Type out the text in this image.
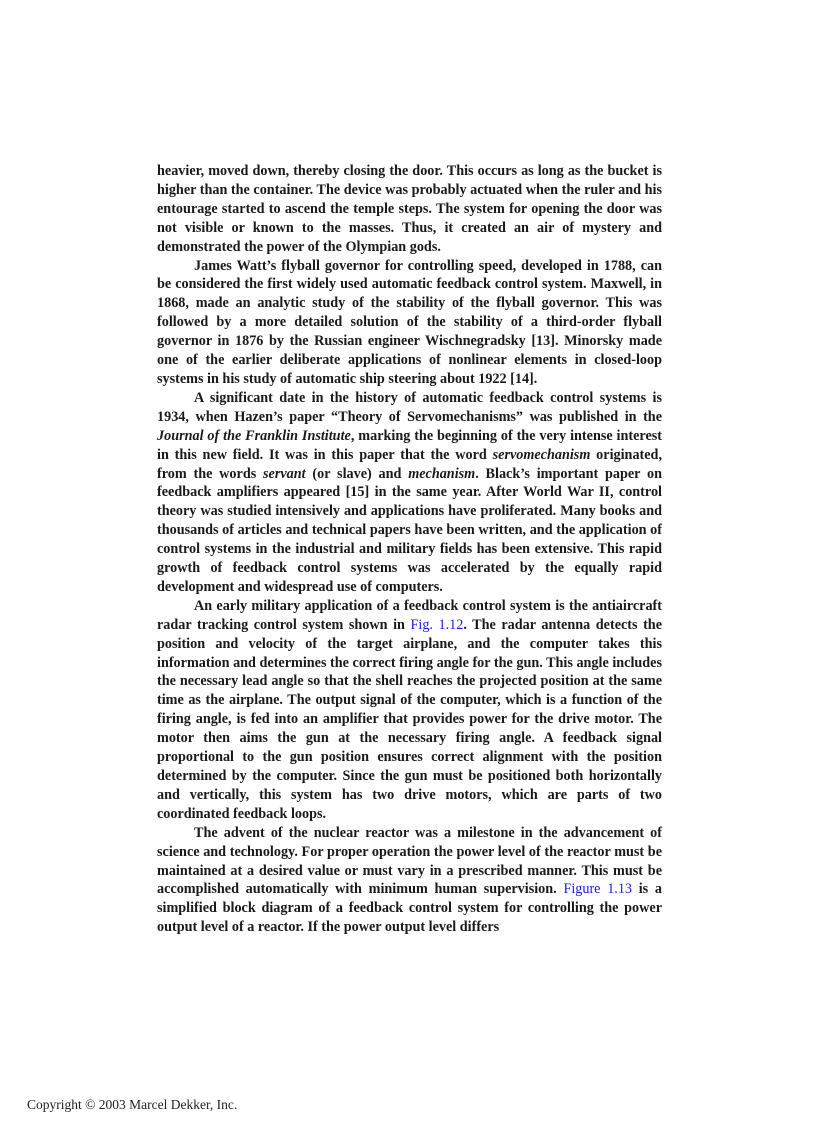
heavier, moved down, thereby closing the door. This occurs as long as the bucket is higher than the container. The device was probably actuated when the ruler and his entourage started to ascend the temple steps. The system for opening the door was not visible or known to the masses. Thus, it created an air of mystery and demonstrated the power of the Olympian gods.

James Watt’s flyball governor for controlling speed, developed in 1788, can be considered the first widely used automatic feedback control system. Maxwell, in 1868, made an analytic study of the stability of the flyball governor. This was followed by a more detailed solution of the stability of a third-order flyball governor in 1876 by the Russian engineer Wischnegradsky [13]. Minorsky made one of the earlier deliberate applications of nonlinear elements in closed-loop systems in his study of automatic ship steering about 1922 [14].

A significant date in the history of automatic feedback control systems is 1934, when Hazen’s paper “Theory of Servomechanisms” was published in the Journal of the Franklin Institute, marking the beginning of the very intense interest in this new field. It was in this paper that the word servomechanism originated, from the words servant (or slave) and mechanism. Black’s important paper on feedback amplifiers appeared [15] in the same year. After World War II, control theory was studied intensively and applications have proliferated. Many books and thousands of articles and technical papers have been written, and the application of control systems in the industrial and military fields has been extensive. This rapid growth of feedback control systems was accelerated by the equally rapid development and widespread use of computers.

An early military application of a feedback control system is the antiaircraft radar tracking control system shown in Fig. 1.12. The radar antenna detects the position and velocity of the target airplane, and the computer takes this information and determines the correct firing angle for the gun. This angle includes the necessary lead angle so that the shell reaches the projected position at the same time as the airplane. The output signal of the computer, which is a function of the firing angle, is fed into an amplifier that provides power for the drive motor. The motor then aims the gun at the necessary firing angle. A feedback signal proportional to the gun position ensures correct alignment with the position determined by the computer. Since the gun must be positioned both horizontally and vertically, this system has two drive motors, which are parts of two coordinated feedback loops.

The advent of the nuclear reactor was a milestone in the advancement of science and technology. For proper operation the power level of the reactor must be maintained at a desired value or must vary in a prescribed manner. This must be accomplished automatically with minimum human supervision. Figure 1.13 is a simplified block diagram of a feedback control system for controlling the power output level of a reactor. If the power output level differs

Copyright © 2003 Marcel Dekker, Inc.
